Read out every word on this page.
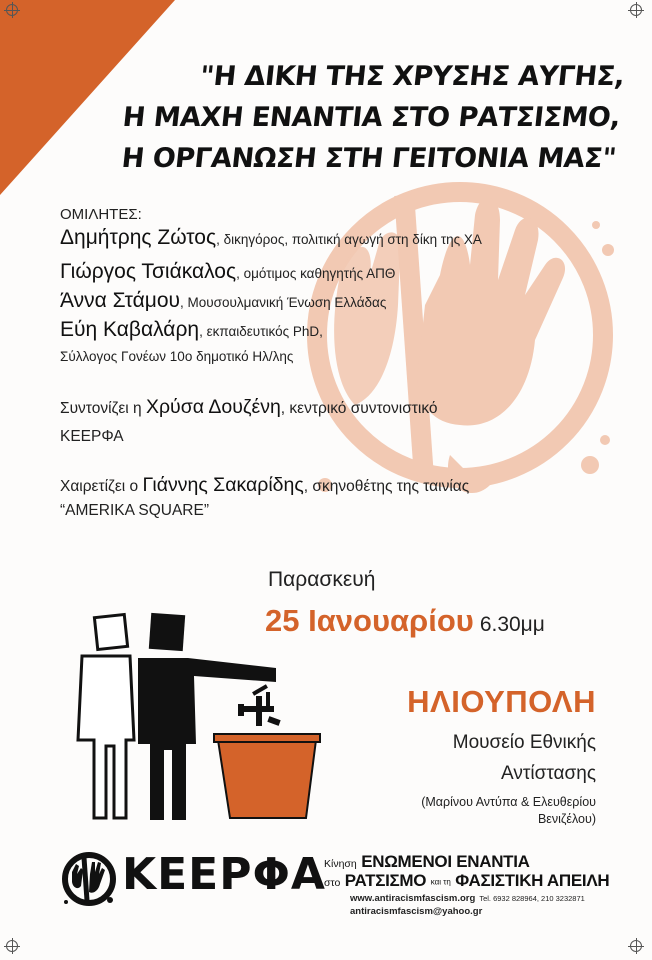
"Η ΔΙΚΗ ΤΗΣ ΧΡΥΣΗΣ ΑΥΓΗΣ,
Η ΜΑΧΗ ΕΝΑΝΤΙΑ ΣΤΟ ΡΑΤΣΙΣΜΟ,
Η ΟΡΓΑΝΩΣΗ ΣΤΗ ΓΕΙΤΟΝΙΑ ΜΑΣ"
ΟΜΙΛΗΤΕΣ:
Δημήτρης Ζώτος, δικηγόρος, πολιτική αγωγή στη δίκη της ΧΑ
Γιώργος Τσιάκαλος, ομότιμος καθηγητής ΑΠΘ
Άννα Στάμου, Μουσουλμανική Ένωση Ελλάδας
Εύη Καβαλάρη, εκπαιδευτικός PhD,
Σύλλογος Γονέων 10ο δημοτικό Ηλ/λης
Συντονίζει η Χρύσα Δουζένη, κεντρικό συντονιστικό
ΚΕΕΡΦΑ
Χαιρετίζει ο Γιάννης Σακαρίδης, σκηνοθέτης της ταινίας
“AMERIKA SQUARE”
Παρασκευή
25 Ιανουαρίου 6.30μμ
ΗΛΙΟΥΠΟΛΗ
Μουσείο Εθνικής
Αντίστασης
(Μαρίνου Αντύπα & Ελευθερίου
Βενιζέλου)
ΚΕΕΡΦΑ
Κίνηση ΕΝΩΜΕΝΟΙ ΕΝΑΝΤΙΑ
στο ΡΑΤΣΙΣΜΟ και τη ΦΑΣΙΣΤΙΚΗ ΑΠΕΙΛΗ
www.antiracismfascism.org Tel. 6932 828964, 210 3232871
antiracismfascism@yahoo.gr
